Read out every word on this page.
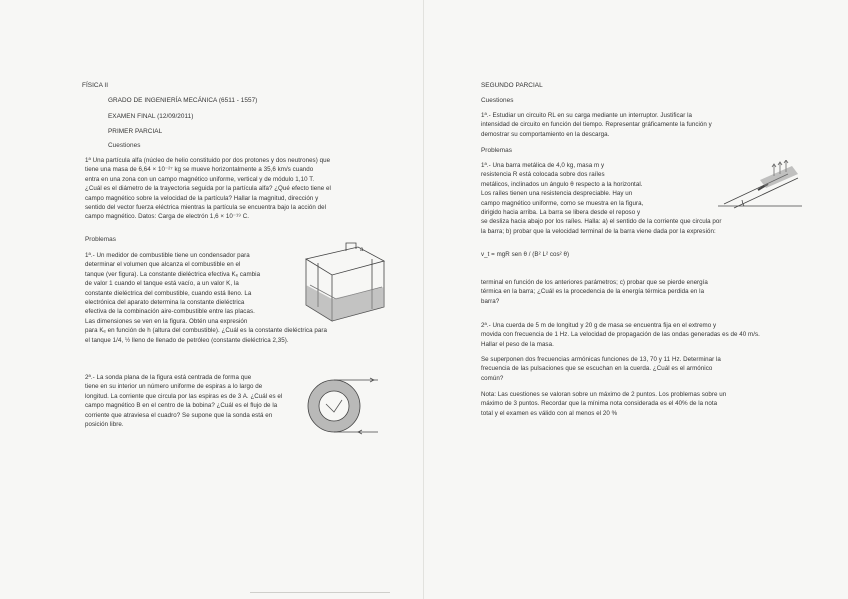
FÍSICA II
GRADO DE INGENIERÍA MECÁNICA (6511 - 1557)
EXAMEN FINAL (12/09/2011)
PRIMER PARCIAL
Cuestiones
1ª Una partícula alfa (núcleo de helio constituido por dos protones y dos neutrones) que
tiene una masa de 6,64 × 10⁻²⁷ kg se mueve horizontalmente a 35,6 km/s cuando
entra en una zona con un campo magnético uniforme, vertical y de módulo 1,10 T.
¿Cuál es el diámetro de la trayectoria seguida por la partícula alfa? ¿Qué efecto tiene el
campo magnético sobre la velocidad de la partícula? Hallar la magnitud, dirección y
sentido del vector fuerza eléctrica mientras la partícula se encuentra bajo la acción del
campo magnético. Datos: Carga de electrón 1,6 × 10⁻¹⁹ C.
Problemas
1ª.- Un medidor de combustible tiene un condensador para
determinar el volumen que alcanza el combustible en el
tanque (ver figura). La constante dieléctrica efectiva Kₑ cambia
de valor 1 cuando el tanque está vacío, a un valor K, la
constante dieléctrica del combustible, cuando está lleno. La
electrónica del aparato determina la constante dieléctrica
efectiva de la combinación aire-combustible entre las placas.
Las dimensiones se ven en la figura. Obtén una expresión
para Kₑ en función de h (altura del combustible). ¿Cuál es la constante dieléctrica para
el tanque 1/4, ½ lleno de llenado de petróleo (constante dieléctrica 2,35).
a
2ª.- La sonda plana de la figura está centrada de forma que
tiene en su interior un número uniforme de espiras a lo largo de
longitud. La corriente que circula por las espiras es de 3 A. ¿Cuál es el
campo magnético B en el centro de la bobina? ¿Cuál es el flujo de la
corriente que atraviesa el cuadro? Se supone que la sonda está en
posición libre.
SEGUNDO PARCIAL
Cuestiones
1ª.- Estudiar un circuito RL en su carga mediante un interruptor. Justificar la
intensidad de circuito en función del tiempo. Representar gráficamente la función y
demostrar su comportamiento en la descarga.
Problemas
1ª.- Una barra metálica de 4,0 kg, masa m y
resistencia R está colocada sobre dos raíles
metálicos, inclinados un ángulo θ respecto a la horizontal.
Los raíles tienen una resistencia despreciable. Hay un
campo magnético uniforme, como se muestra en la figura,
dirigido hacia arriba. La barra se libera desde el reposo y
se desliza hacia abajo por los raíles. Halla: a) el sentido de la corriente que circula por
la barra; b) probar que la velocidad terminal de la barra viene dada por la expresión:
v_t = mgR sen θ / (B² L² cos² θ)
terminal en función de los anteriores parámetros; c) probar que se pierde energía
térmica en la barra; ¿Cuál es la procedencia de la energía térmica perdida en la
barra?
2ª.- Una cuerda de 5 m de longitud y 20 g de masa se encuentra fija en el extremo y
movida con frecuencia de 1 Hz. La velocidad de propagación de las ondas generadas es de 40 m/s.
Hallar el peso de la masa.
Se superponen dos frecuencias armónicas funciones de 13, 70 y 11 Hz. Determinar la
frecuencia de las pulsaciones que se escuchan en la cuerda. ¿Cuál es el armónico
común?
Nota: Las cuestiones se valoran sobre un máximo de 2 puntos. Los problemas sobre un
máximo de 3 puntos. Recordar que la mínima nota considerada es el 40% de la nota
total y el examen es válido con al menos el 20 %
